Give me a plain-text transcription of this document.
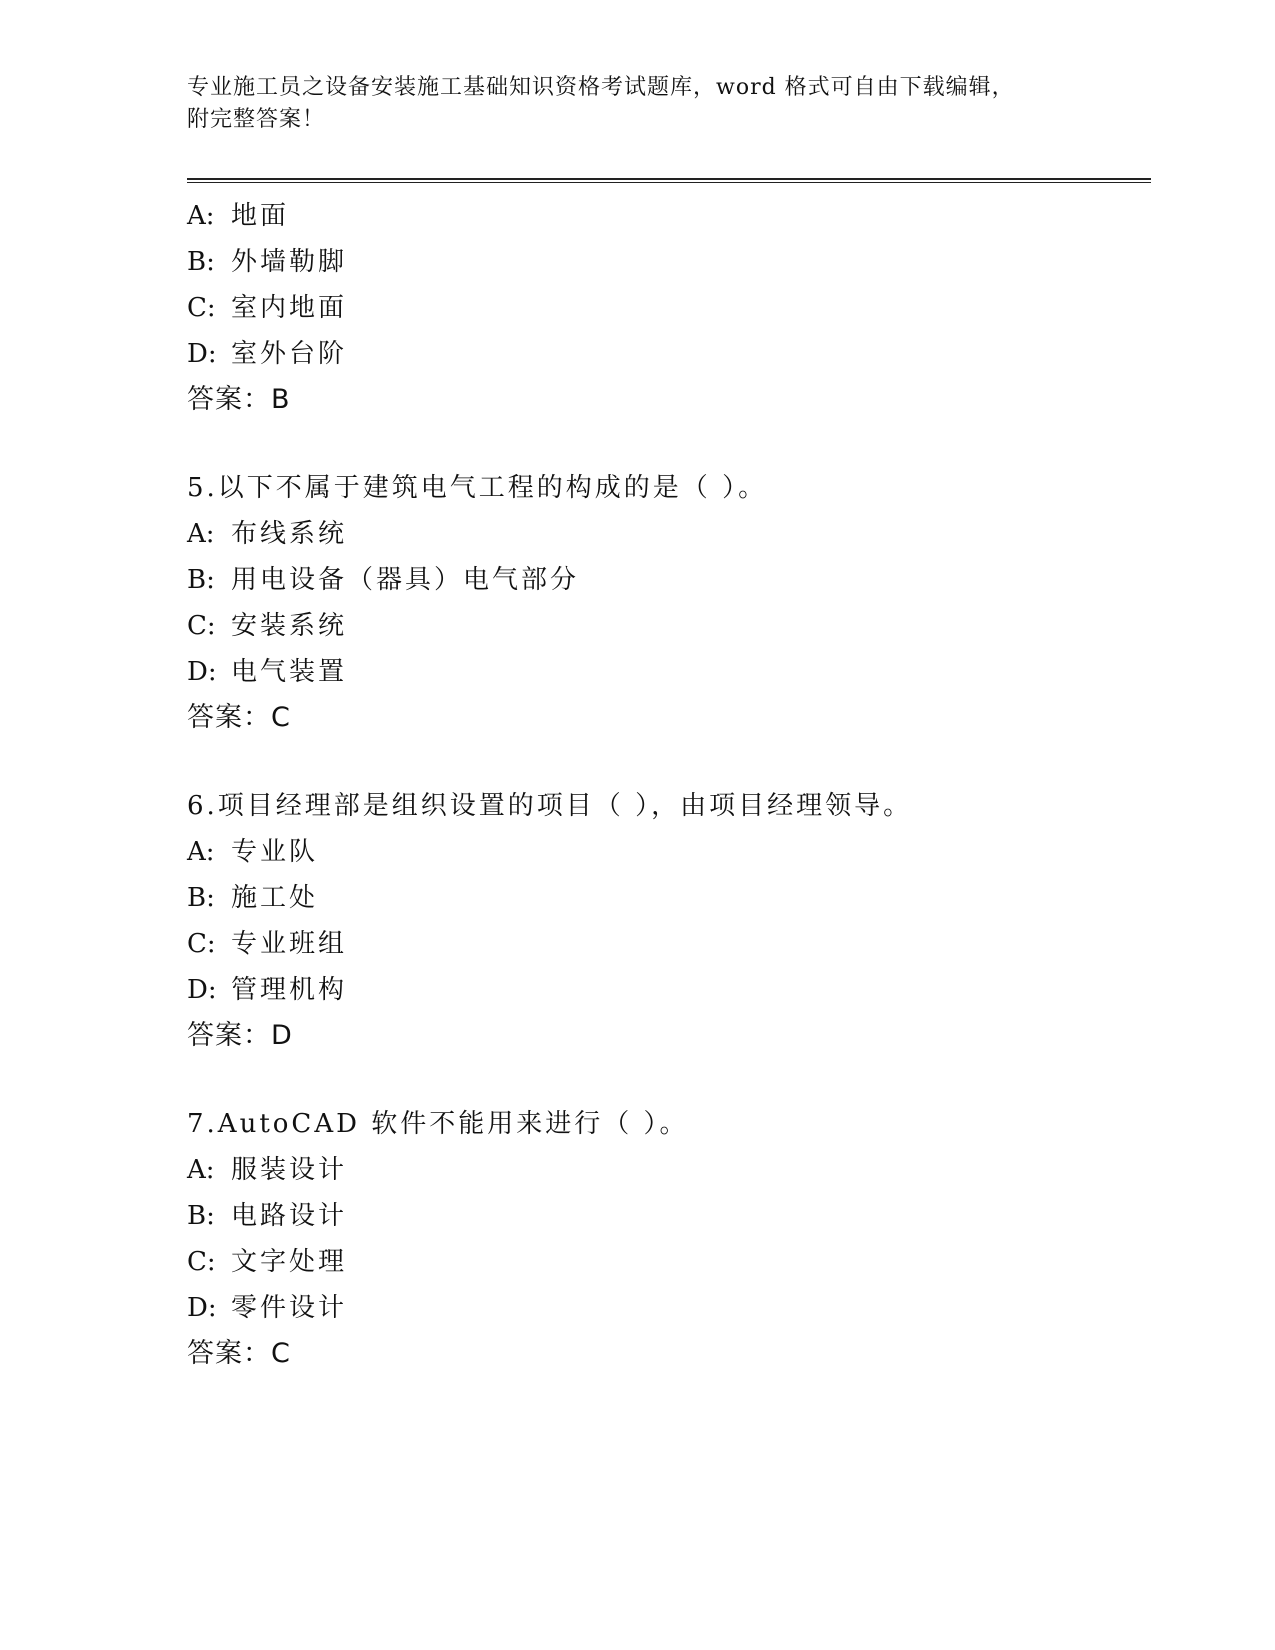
专业施工员之设备安装施工基础知识资格考试题库，word 格式可自由下载编辑，
附完整答案！
A: 地面
B: 外墙勒脚
C: 室内地面
D: 室外台阶
答案：B
5.以下不属于建筑电气工程的构成的是（ ）。
A: 布线系统
B: 用电设备（器具）电气部分
C: 安装系统
D: 电气装置
答案：C
6.项目经理部是组织设置的项目（ ），由项目经理领导。
A: 专业队
B: 施工处
C: 专业班组
D: 管理机构
答案：D
7.AutoCAD 软件不能用来进行（ ）。
A: 服装设计
B: 电路设计
C: 文字处理
D: 零件设计
答案：C
